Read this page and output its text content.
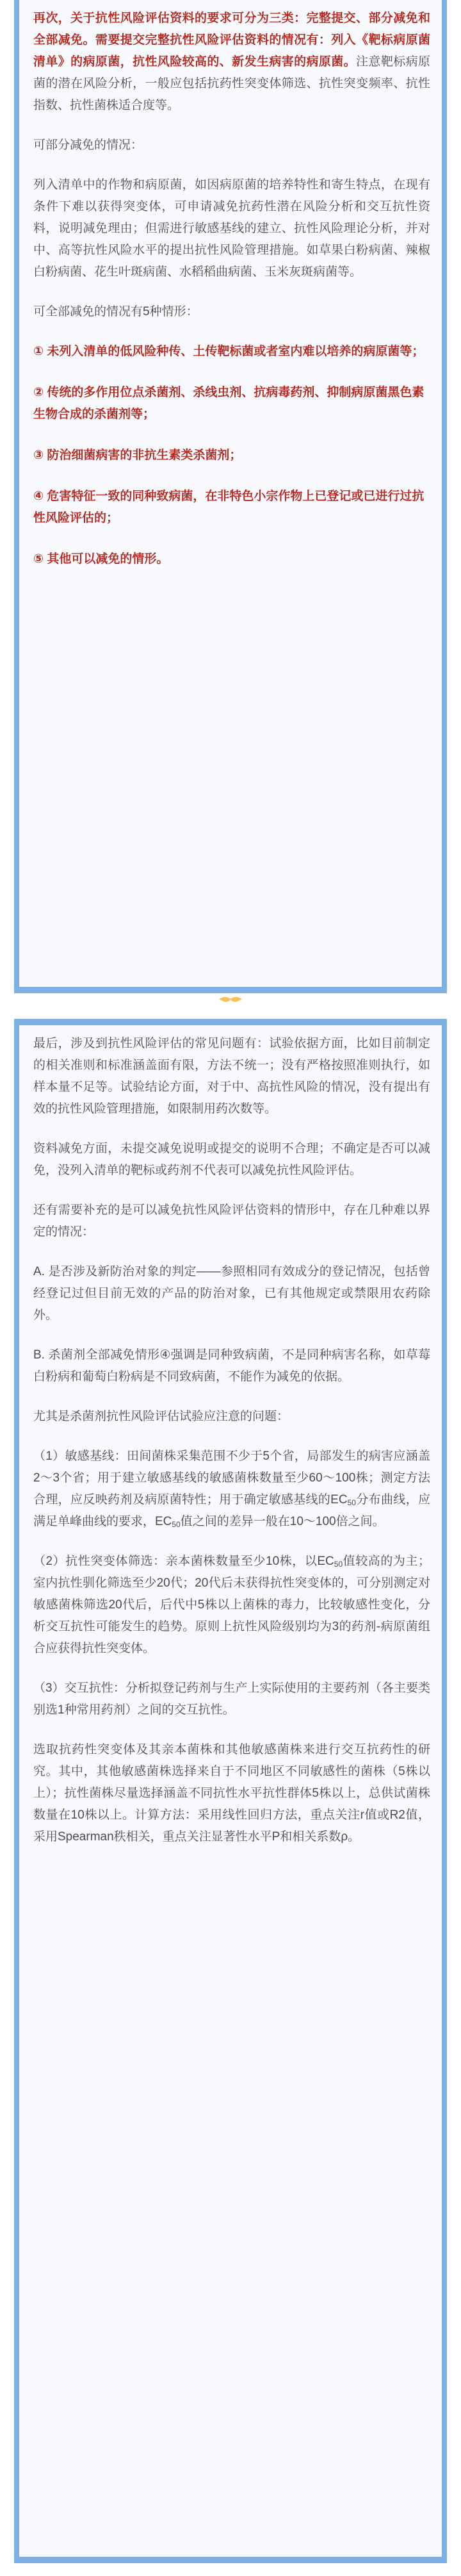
再次，关于抗性风险评估资料的要求可分为三类：完整提交、部分减免和全部减免。需要提交完整抗性风险评估资料的情况有：列入《靶标病原菌清单》的病原菌，抗性风险较高的、新发生病害的病原菌。注意靶标病原菌的潜在风险分析，一般应包括抗药性突变体筛选、抗性突变频率、抗性指数、抗性菌株适合度等。

可部分减免的情况：

列入清单中的作物和病原菌，如因病原菌的培养特性和寄生特点，在现有条件下难以获得突变体，可申请减免抗药性潜在风险分析和交互抗性资料，说明减免理由；但需进行敏感基线的建立、抗性风险理论分析，并对中、高等抗性风险水平的提出抗性风险管理措施。如草果白粉病菌、辣椒白粉病菌、花生叶斑病菌、水稻稻曲病菌、玉米灰斑病菌等。

可全部减免的情况有5种情形：

① 未列入清单的低风险种传、土传靶标菌或者室内难以培养的病原菌等；
② 传统的多作用位点杀菌剂、杀线虫剂、抗病毒药剂、抑制病原菌黑色素生物合成的杀菌剂等；
③ 防治细菌病害的非抗生素类杀菌剂；
④ 危害特征一致的同种致病菌，在非特色小宗作物上已登记或已进行过抗性风险评估的；
⑤ 其他可以减免的情形。

最后，涉及到抗性风险评估的常见问题有：试验依据方面，比如目前制定的相关准则和标准涵盖面有限，方法不统一；没有严格按照准则执行，如样本量不足等。试验结论方面，对于中、高抗性风险的情况，没有提出有效的抗性风险管理措施，如限制用药次数等。

资料减免方面，未提交减免说明或提交的说明不合理；不确定是否可以减免，没列入清单的靶标或药剂不代表可以减免抗性风险评估。

还有需要补充的是可以减免抗性风险评估资料的情形中，存在几种难以界定的情况：

A. 是否涉及新防治对象的判定——参照相同有效成分的登记情况，包括曾经登记过但目前无效的产品的防治对象，已有其他规定或禁限用农药除外。

B. 杀菌剂全部减免情形④强调是同种致病菌，不是同种病害名称，如草莓白粉病和葡萄白粉病是不同致病菌，不能作为减免的依据。

尤其是杀菌剂抗性风险评估试验应注意的问题：

（1）敏感基线：田间菌株采集范围不少于5个省，局部发生的病害应涵盖2～3个省；用于建立敏感基线的敏感菌株数量至少60～100株；测定方法合理，应反映药剂及病原菌特性；用于确定敏感基线的$EC_{50}$分布曲线，应满足单峰曲线的要求，$EC_{50}$值之间的差异一般在10～100倍之间。

（2）抗性突变体筛选：亲本菌株数量至少10株，以$EC_{50}$值较高的为主；室内抗性驯化筛选至少20代；20代后未获得抗性突变体的，可分别测定对敏感菌株筛选20代后，后代中5株以上菌株的毒力，比较敏感性变化，分析交互抗性可能发生的趋势。原则上抗性风险级别均为3的药剂-病原菌组合应获得抗性突变体。

（3）交互抗性：分析拟登记药剂与生产上实际使用的主要药剂（各主要类别选1种常用药剂）之间的交互抗性。

选取抗药性突变体及其亲本菌株和其他敏感菌株来进行交互抗药性的研究。其中，其他敏感菌株选择来自于不同地区不同敏感性的菌株（5株以上）；抗性菌株尽量选择涵盖不同抗性水平抗性群体5株以上，总供试菌株数量在10株以上。计算方法：采用线性回归方法，重点关注r值或R2值，采用Spearman秩相关，重点关注显著性水平P和相关系数ρ。
